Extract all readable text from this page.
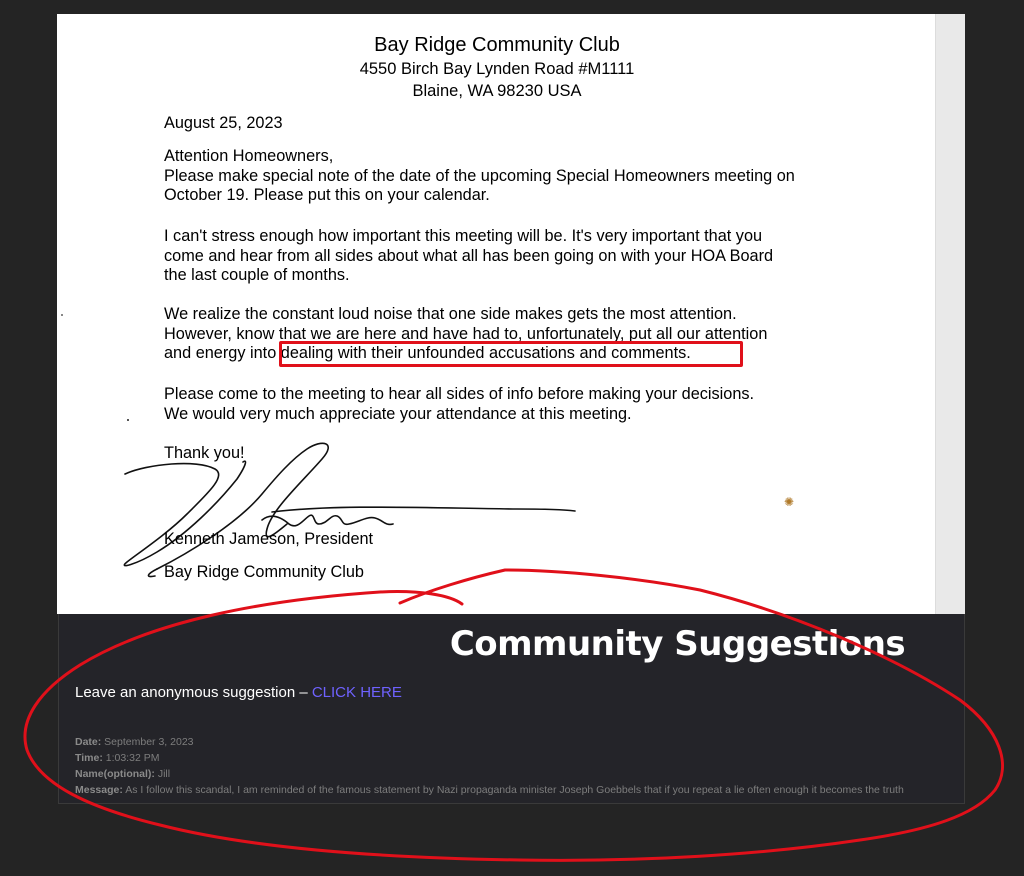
Bay Ridge Community Club
4550 Birch Bay Lynden Road #M1111
Blaine, WA 98230 USA

August 25, 2023

Attention Homeowners,
Please make special note of the date of the upcoming Special Homeowners meeting on
October 19. Please put this on your calendar.
I can't stress enough how important this meeting will be. It's very important that you
come and hear from all sides about what all has been going on with your HOA Board
the last couple of months.
We realize the constant loud noise that one side makes gets the most attention.
However, know that we are here and have had to, unfortunately, put all our attention
and energy into dealing with their unfounded accusations and comments.
Please come to the meeting to hear all sides of info before making your decisions.
We would very much appreciate your attendance at this meeting.

Thank you!

Kenneth Jameson, President

Bay Ridge Community Club

✺
Community Suggestions
Leave an anonymous suggestion – CLICK HERE
Date: September 3, 2023
Time: 1:03:32 PM
Name(optional): Jill
Message: As I follow this scandal, I am reminded of the famous statement by Nazi propaganda minister Joseph Goebbels that if you repeat a lie often enough it becomes the truth
